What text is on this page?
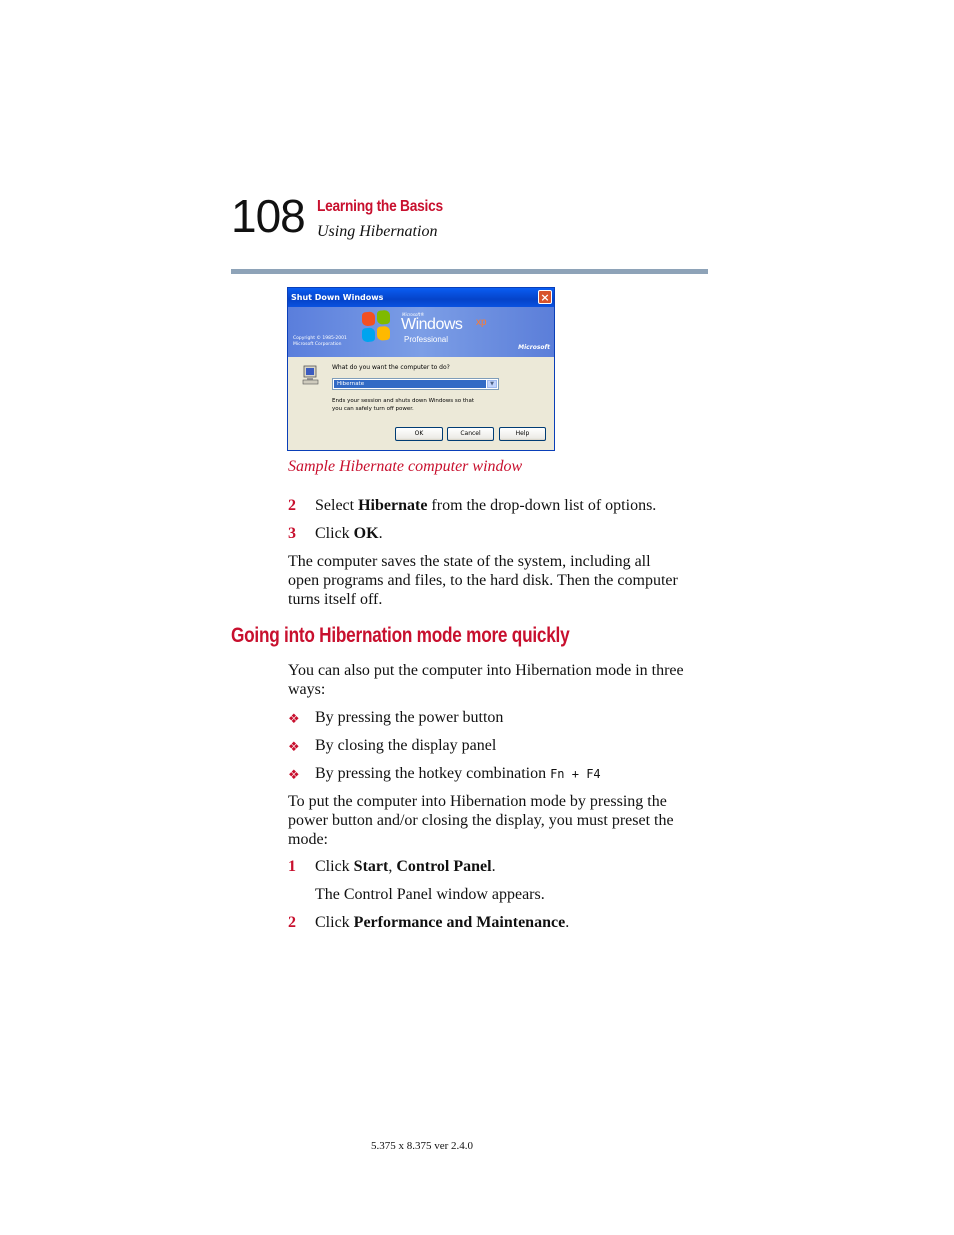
108 Learning the Basics
Using Hibernation
Shut Down Windows	×
Microsoft®
Windows xp
Professional
Copyright © 1985-2001
Microsoft Corporation	Microsoft
What do you want the computer to do?
Hibernate	▼
Ends your session and shuts down Windows so that
you can safely turn off power.
OK	Cancel	Help
Sample Hibernate computer window
2 Select Hibernate from the drop-down list of options.
3 Click OK.
The computer saves the state of the system, including all
open programs and files, to the hard disk. Then the computer
turns itself off.
Going into Hibernation mode more quickly
You can also put the computer into Hibernation mode in three
ways:
❖ By pressing the power button
❖ By closing the display panel
❖ By pressing the hotkey combination Fn + F4
To put the computer into Hibernation mode by pressing the
power button and/or closing the display, you must preset the
mode:
1 Click Start, Control Panel.
The Control Panel window appears.
2 Click Performance and Maintenance.
5.375 x 8.375 ver 2.4.0
